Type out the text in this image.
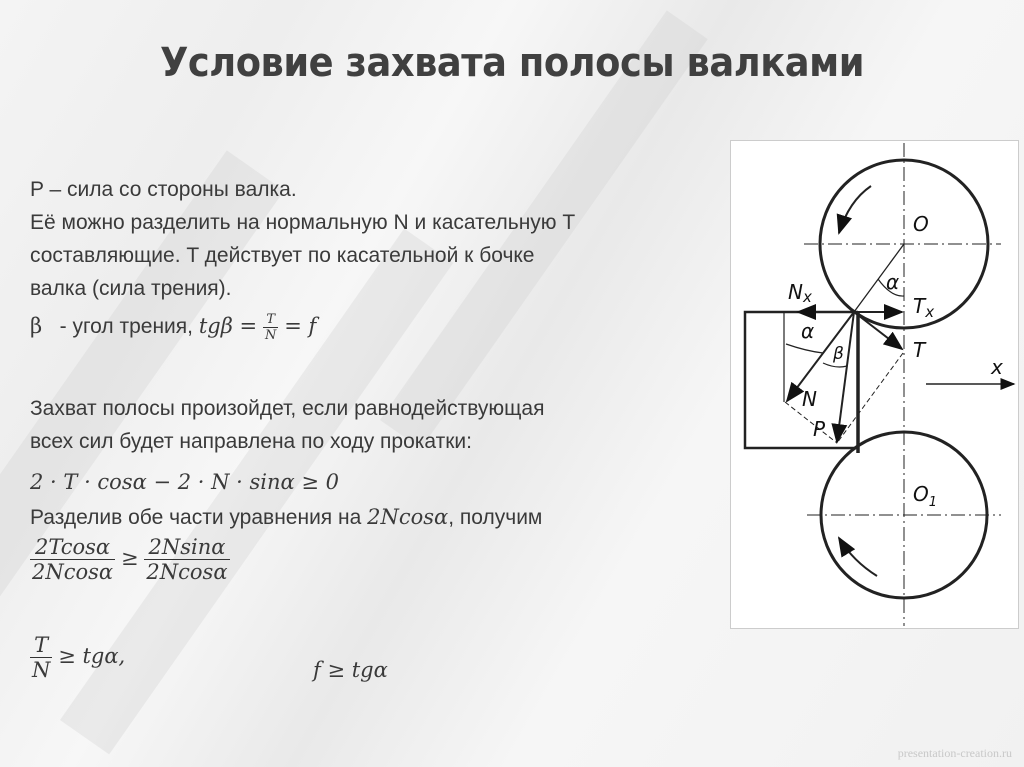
Условие захвата полосы валками
P – сила со стороны валка.
Её можно разделить на нормальную N и касательную T
составляющие. T действует по касательной к бочке
валка (сила трения).
β - угол трения, $tg\beta = \frac{T}{N} = f$
Захват полосы произойдет, если равнодействующая
всех сил будет направлена по ходу прокатки:
2 · T · cosα − 2 · N · sinα ≥ 0
Разделив обе части уравнения на 2Ncosα, получим
$\frac{2Tcos\alpha}{2Ncos\alpha} \ge \frac{2Nsin\alpha}{2Ncos\alpha}$
$\frac{T}{N} \ge tg\alpha$,
f ≥ tgα
O
$O_1$
Nx	$T_x$
T
α
α
β
N
P
x
presentation-creation.ru
